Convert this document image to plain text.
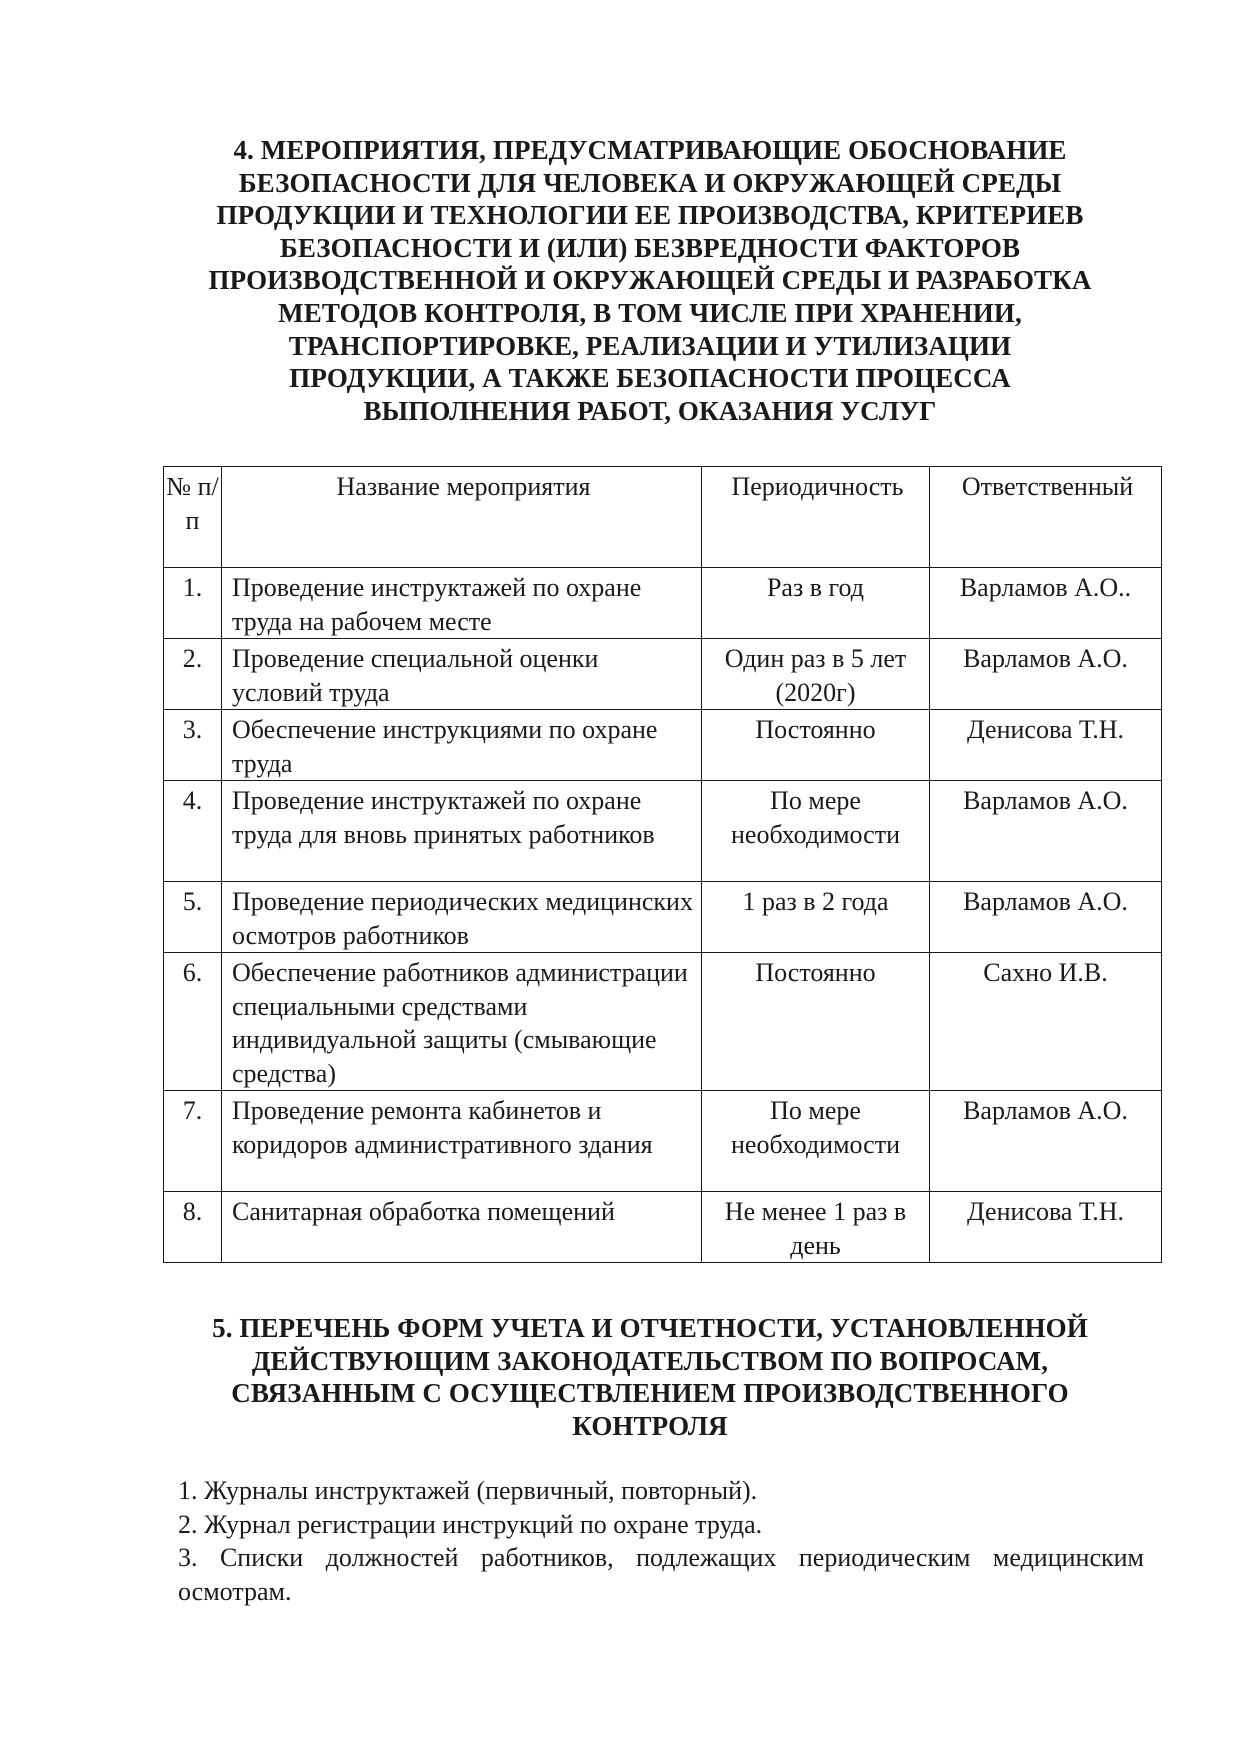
4. МЕРОПРИЯТИЯ, ПРЕДУСМАТРИВАЮЩИЕ ОБОСНОВАНИЕ
БЕЗОПАСНОСТИ ДЛЯ ЧЕЛОВЕКА И ОКРУЖАЮЩЕЙ СРЕДЫ
ПРОДУКЦИИ И ТЕХНОЛОГИИ ЕЕ ПРОИЗВОДСТВА, КРИТЕРИЕВ
БЕЗОПАСНОСТИ И (ИЛИ) БЕЗВРЕДНОСТИ ФАКТОРОВ
ПРОИЗВОДСТВЕННОЙ И ОКРУЖАЮЩЕЙ СРЕДЫ И РАЗРАБОТКА
МЕТОДОВ КОНТРОЛЯ, В ТОМ ЧИСЛЕ ПРИ ХРАНЕНИИ,
ТРАНСПОРТИРОВКЕ, РЕАЛИЗАЦИИ И УТИЛИЗАЦИИ
ПРОДУКЦИИ, А ТАКЖЕ БЕЗОПАСНОСТИ ПРОЦЕССА
ВЫПОЛНЕНИЯ РАБОТ, ОКАЗАНИЯ УСЛУГ
№ п/ п	Название мероприятия	Периодичность	Ответственный
1.	Проведение инструктажей по охране труда на рабочем месте	Раз в год	Варламов А.О..
2.	Проведение специальной оценки условий труда	Один раз в 5 лет (2020г)	Варламов А.О.
3.	Обеспечение инструкциями по охране труда	Постоянно	Денисова Т.Н.
4.	Проведение инструктажей по охране труда для вновь принятых работников	По мере необходимости	Варламов А.О.
5.	Проведение периодических медицинских осмотров работников	1 раз в 2 года	Варламов А.О.
6.	Обеспечение работников администрации специальными средствами индивидуальной защиты (смывающие средства)	Постоянно	Сахно И.В.
7.	Проведение ремонта кабинетов и коридоров административного здания	По мере необходимости	Варламов А.О.
8.	Санитарная обработка помещений	Не менее 1 раз в день	Денисова Т.Н.
5. ПЕРЕЧЕНЬ ФОРМ УЧЕТА И ОТЧЕТНОСТИ, УСТАНОВЛЕННОЙ
ДЕЙСТВУЮЩИМ ЗАКОНОДАТЕЛЬСТВОМ ПО ВОПРОСАМ,
СВЯЗАННЫМ С ОСУЩЕСТВЛЕНИЕМ ПРОИЗВОДСТВЕННОГО
КОНТРОЛЯ
1. Журналы инструктажей (первичный, повторный).
2. Журнал регистрации инструкций по охране труда.
3. Списки должностей работников, подлежащих периодическим медицинским осмотрам.
